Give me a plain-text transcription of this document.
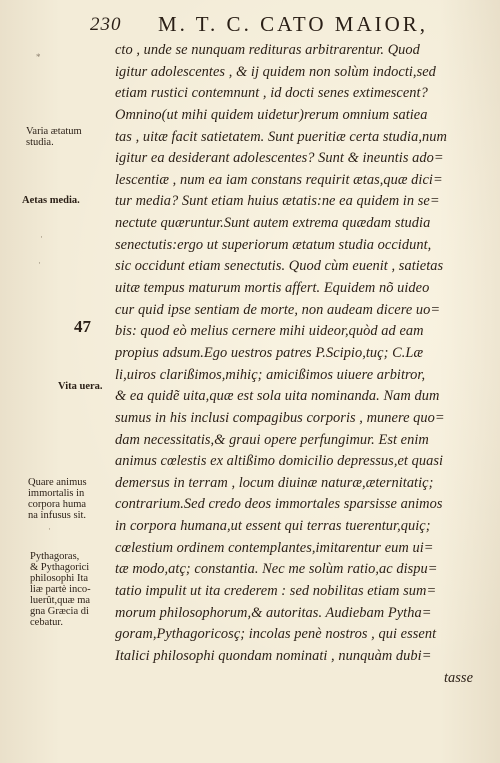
230 M. T. C. CATO MAIOR,
cto , unde se nunquam redituras arbitrarentur. Quod
igitur adolescentes , & ij quidem non solùm indocti,sed
etiam rustici contemnunt , id docti senes extimescent?
Omnino(ut mihi quidem uidetur)rerum omnium satiea
tas , uitæ facit satietatem. Sunt pueritiæ certa studia,num
igitur ea desiderant adolescentes? Sunt & ineuntis ado=
lescentiæ , num ea iam constans requirit ætas,quæ dici=
tur media? Sunt etiam huius ætatis:ne ea quidem in se=
nectute quæruntur.Sunt autem extrema quædam studia
senectutis:ergo ut superiorum ætatum studia occidunt,
sic occidunt etiam senectutis. Quod cùm euenit , satietas
uitæ tempus maturum mortis affert. Equidem nõ uideo
cur quid ipse sentiam de morte, non audeam dicere uo=
bis: quod eò melius cernere mihi uideor,quòd ad eam
propius adsum.Ego uestros patres P.Scipio,tuç; C.Læ
li,uiros clarißimos,mihiç; amicißimos uiuere arbitror,
& ea quidẽ uita,quæ est sola uita nominanda. Nam dum
sumus in his inclusi compagibus corporis , munere quo=
dam necessitatis,& graui opere perfungimur. Est enim
animus cœlestis ex altißimo domicilio depressus,et quasi
demersus in terram , locum diuinæ naturæ,æternitatiç;
contrarium.Sed credo deos immortales sparsisse animos
in corpora humana,ut essent qui terras tuerentur,quiç;
cœlestium ordinem contemplantes,imitarentur eum ui=
tæ modo,atç; constantia. Nec me solùm ratio,ac dispu=
tatio impulit ut ita crederem : sed nobilitas etiam sum=
morum philosophorum,& autoritas. Audiebam Pytha=
goram,Pythagoricosç; incolas penè nostros , qui essent
Italici philosophi quondam nominati , nunquàm dubi=
tasse
Varia ætatum
studia.
Aetas media.
47
Vita uera.
Quare animus
immortalis in
corpora huma
na infusus sit.
Pythagoras,
& Pythagorici
philosophi Ita
liæ partè inco-
luerût,quæ ma
gna Græcia di
cebatur.
*
·
·
·
